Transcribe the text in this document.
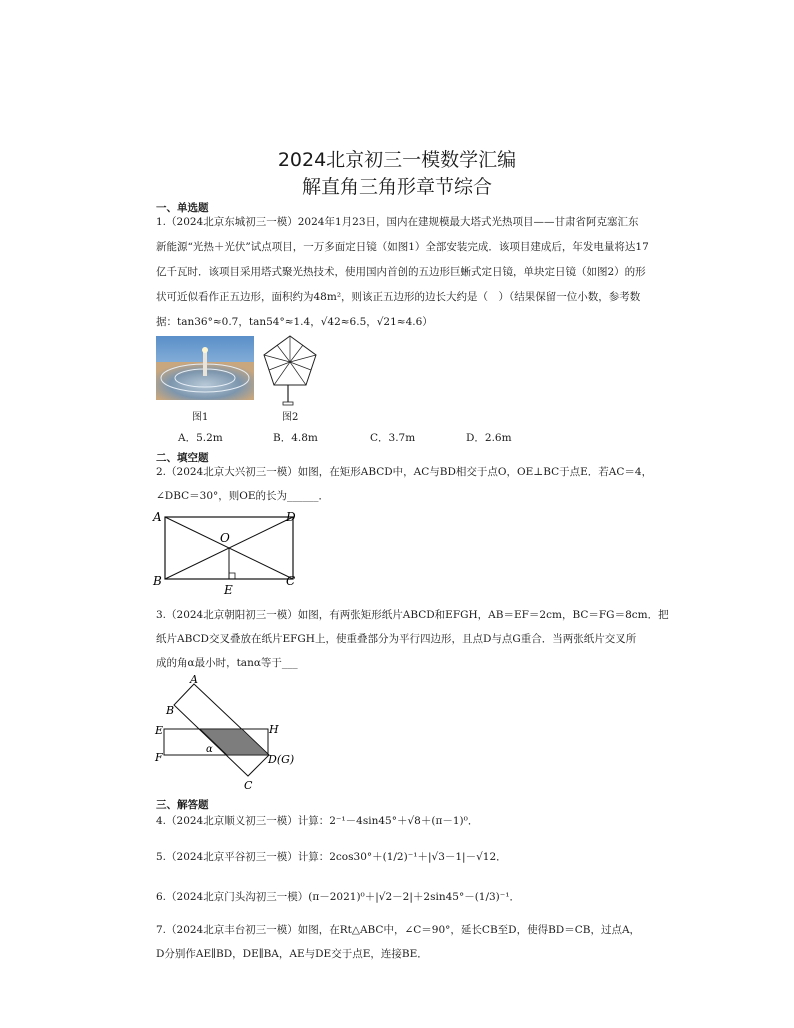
2024北京初三一模数学汇编
解直角三角形章节综合
一、单选题
1.（2024北京东城初三一模）2024年1月23日，国内在建规模最大塔式光热项目——甘肃省阿克塞汇东
新能源“光热＋光伏”试点项目，一万多面定日镜（如图1）全部安装完成．该项目建成后，年发电量将达17
亿千瓦时．该项目采用塔式聚光热技术，使用国内首创的五边形巨蜥式定日镜，单块定日镜（如图2）的形
状可近似看作正五边形，面积约为48m²，则该正五边形的边长大约是（　）（结果保留一位小数，参考数
据：tan36°≈0.7，tan54°≈1.4，√42≈6.5，√21≈4.6）
图1	图2
A．5.2m	B．4.8m	C．3.7m	D．2.6m
二、填空题
2.（2024北京大兴初三一模）如图，在矩形ABCD中，AC与BD相交于点O，OE⊥BC于点E．若AC＝4，
∠DBC＝30°，则OE的长为______．
A	D
B	C
O
E
3.（2024北京朝阳初三一模）如图，有两张矩形纸片ABCD和EFGH，AB＝EF＝2cm，BC＝FG＝8cm．把
纸片ABCD交叉叠放在纸片EFGH上，使重叠部分为平行四边形，且点D与点G重合．当两张纸片交叉所
成的角α最小时，tanα等于___
A
B
E
F
H
D(G)
C
α
三、解答题
4.（2024北京顺义初三一模）计算：2⁻¹－4sin45°＋√8＋(π－1)⁰．
5.（2024北京平谷初三一模）计算：2cos30°＋(1/2)⁻¹＋|√3－1|－√12．
6.（2024北京门头沟初三一模）(π－2021)⁰＋|√2－2|＋2sin45°－(1/3)⁻¹．
7.（2024北京丰台初三一模）如图，在Rt△ABC中，∠C＝90°，延长CB至D，使得BD＝CB，过点A，
D分别作AE∥BD，DE∥BA，AE与DE交于点E，连接BE．
